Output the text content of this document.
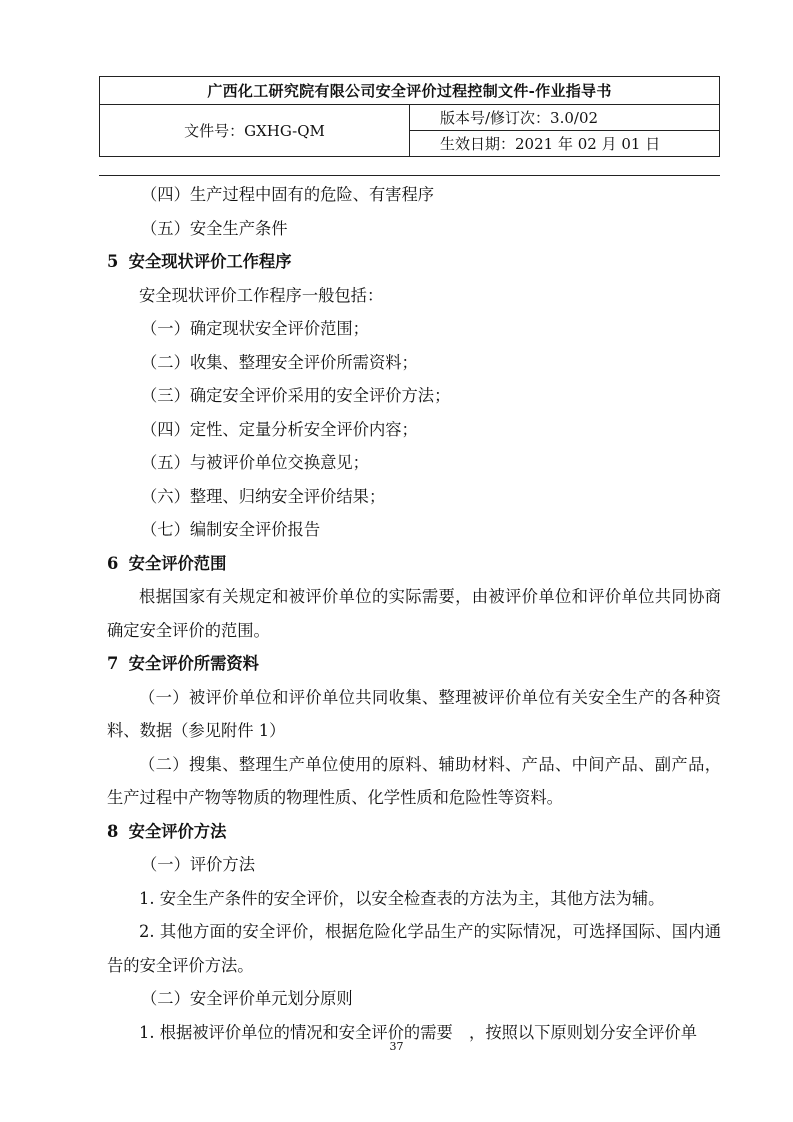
广西化工研究院有限公司安全评价过程控制文件-作业指导书
文件号：GXHG-QM	版本号/修订次：3.0/02
生效日期：2021 年 02 月 01 日
（四）生产过程中固有的危险、有害程序
（五）安全生产条件
5 安全现状评价工作程序
安全现状评价工作程序一般包括：
（一）确定现状安全评价范围；
（二）收集、整理安全评价所需资料；
（三）确定安全评价采用的安全评价方法；
（四）定性、定量分析安全评价内容；
（五）与被评价单位交换意见；
（六）整理、归纳安全评价结果；
（七）编制安全评价报告
6 安全评价范围
根据国家有关规定和被评价单位的实际需要，由被评价单位和评价单位共同协商确定安全评价的范围。
7 安全评价所需资料
（一）被评价单位和评价单位共同收集、整理被评价单位有关安全生产的各种资料、数据（参见附件 1）
（二）搜集、整理生产单位使用的原料、辅助材料、产品、中间产品、副产品，生产过程中产物等物质的物理性质、化学性质和危险性等资料。
8 安全评价方法
（一）评价方法
1. 安全生产条件的安全评价，以安全检查表的方法为主，其他方法为辅。
2. 其他方面的安全评价，根据危险化学品生产的实际情况，可选择国际、国内通告的安全评价方法。
（二）安全评价单元划分原则
1. 根据被评价单位的情况和安全评价的需要　，按照以下原则划分安全评价单
37
